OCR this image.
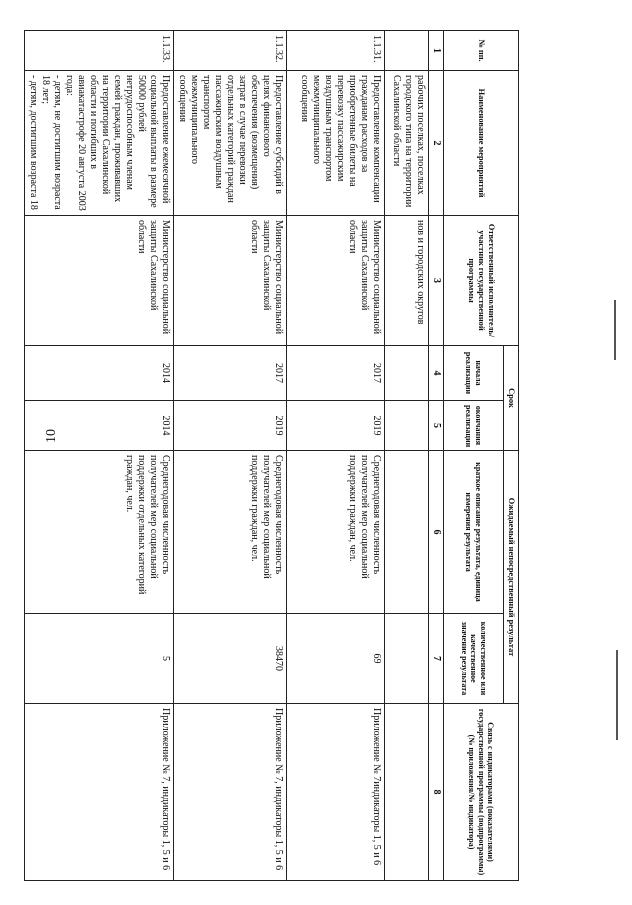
10
№ пп.	Наименование мероприятий	Ответственный исполнитель/участник государственной программы	Срок		Ожидаемый непосредственный результат		Связь с индикаторами (показателями) государственной программы (подпрограммы) (№ приложения/№ индикатора)
			начала реализации	окончания реализации	краткое описание результата, единица измерения результата	количественное или качественное значение результата	
1	2	3	4	5	6	7	8
	рабочих поселках, поселках городского типа на территории Сахалинской области	нов и городских округов					
1.1.31.	Предоставление компенсации гражданам расходов за приобретенные билеты на перевозку пассажирским воздушным транспортом межмуниципального сообщения	Министерство социальной защиты Сахалинской области	2017	2019	Среднегодовая численность получателей мер социальной поддержки граждан, чел.	69	Приложение № 7индикаторы 1, 5 и 6
1.1.32.	Предоставление субсидий в целях финансового обеспечения (возмещения) затрат в случае перевозки отдельных категорий граждан пассажирским воздушным транспортом межмуниципального сообщения	Министерство социальной защиты Сахалинской области	2017	2019	Среднегодовая численность получателей мер социальной поддержки граждан, чел.	38470	Приложение № 7, индикаторы 1, 5 и 6
1.1.33.	Предоставление ежемесячной социальной выплаты в размере 50000 рублей нетрудоспособным членам семей граждан, проживавших на территории Сахалинской области и погибших в авиакатастрофе 20 августа 2003 года:
- детям, не достигшим возраста 18 лет;
- детям, достигшим возраста 18	Министерство социальной защиты Сахалинской области	2014	2014	Среднегодовая численность получателей мер социальной поддержки отдельных категорий граждан, чел.	5	Приложение № 7, индикаторы 1, 5 и 6
